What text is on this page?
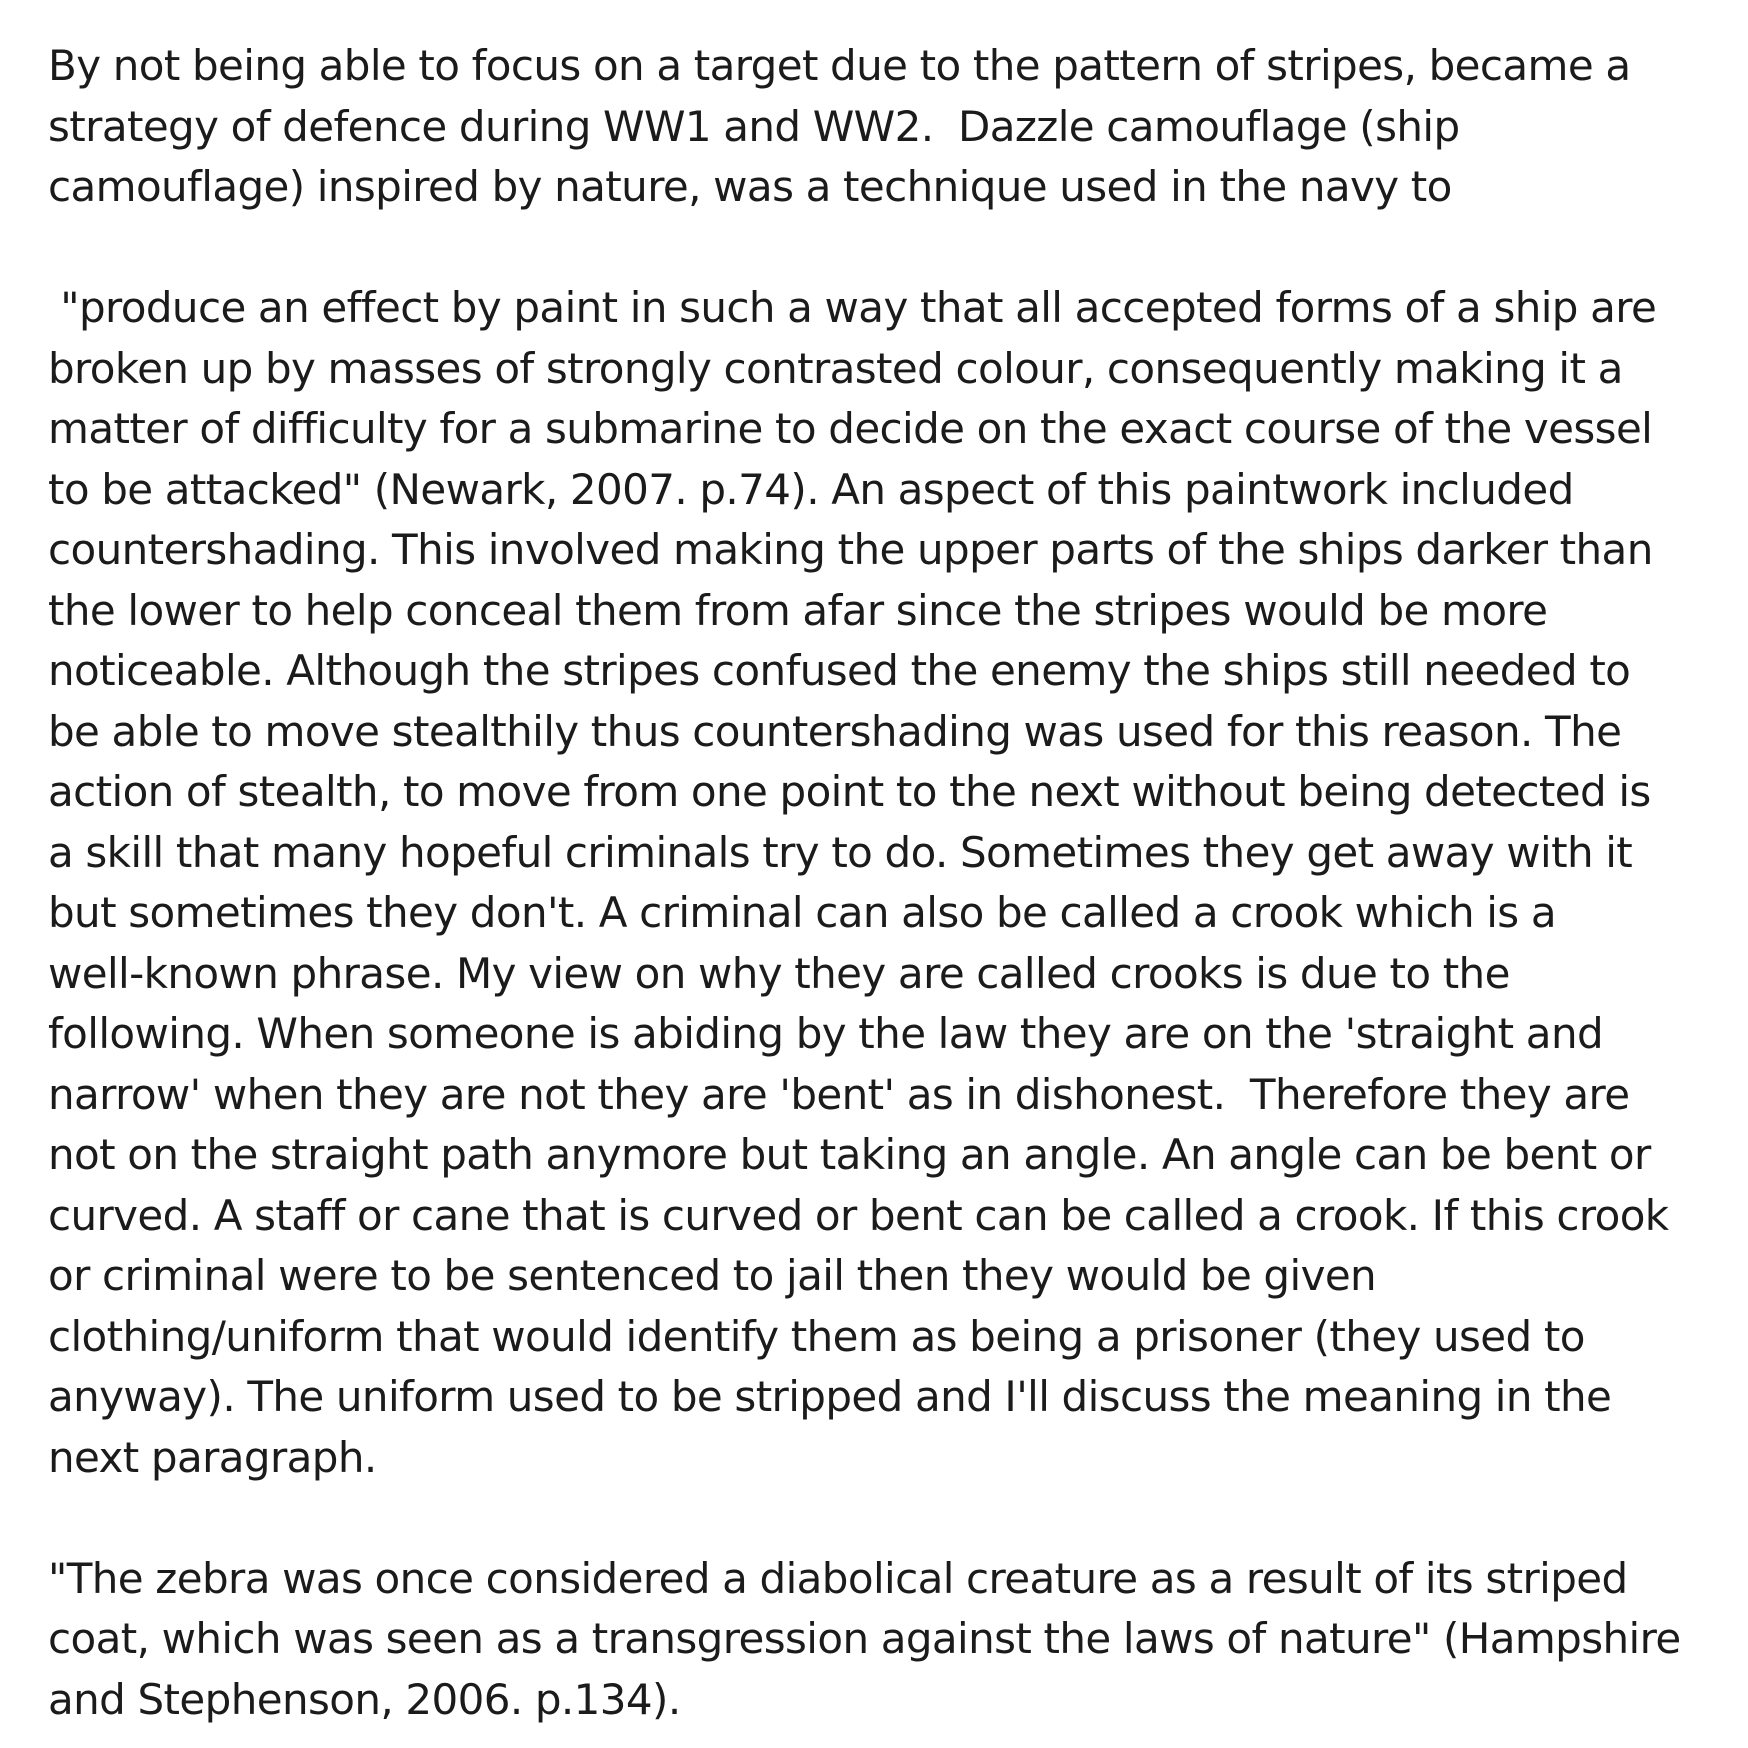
By not being able to focus on a target due to the pattern of stripes, became a
strategy of defence during WW1 and WW2.  Dazzle camouflage (ship
camouflage) inspired by nature, was a technique used in the navy to
"produce an effect by paint in such a way that all accepted forms of a ship are
broken up by masses of strongly contrasted colour, consequently making it a
matter of difficulty for a submarine to decide on the exact course of the vessel
to be attacked" (Newark, 2007. p.74). An aspect of this paintwork included
countershading. This involved making the upper parts of the ships darker than
the lower to help conceal them from afar since the stripes would be more
noticeable. Although the stripes confused the enemy the ships still needed to
be able to move stealthily thus countershading was used for this reason. The
action of stealth, to move from one point to the next without being detected is
a skill that many hopeful criminals try to do. Sometimes they get away with it
but sometimes they don't. A criminal can also be called a crook which is a
well-known phrase. My view on why they are called crooks is due to the
following. When someone is abiding by the law they are on the 'straight and
narrow' when they are not they are 'bent' as in dishonest.  Therefore they are
not on the straight path anymore but taking an angle. An angle can be bent or
curved. A staff or cane that is curved or bent can be called a crook. If this crook
or criminal were to be sentenced to jail then they would be given
clothing/uniform that would identify them as being a prisoner (they used to
anyway). The uniform used to be stripped and I'll discuss the meaning in the
next paragraph.
"The zebra was once considered a diabolical creature as a result of its striped
coat, which was seen as a transgression against the laws of nature" (Hampshire
and Stephenson, 2006. p.134).
